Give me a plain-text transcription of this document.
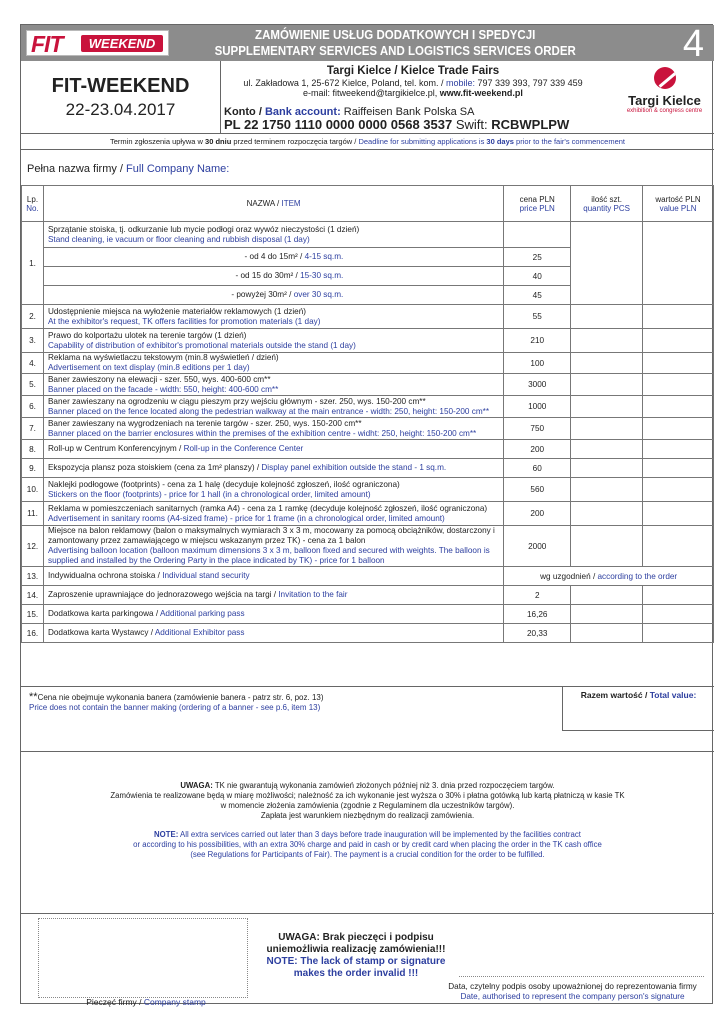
FIT	WEEKEND
ZAMÓWIENIE USŁUG DODATKOWYCH I SPEDYCJI
SUPPLEMENTARY SERVICES AND LOGISTICS SERVICES ORDER	4
FIT-WEEKEND
22-23.04.2017
Targi Kielce / Kielce Trade Fairs
ul. Zakładowa 1, 25-672 Kielce, Poland, tel. kom. / mobile: 797 339 393, 797 339 459
e-mail: fitweekend@targikielce.pl, www.fit-weekend.pl
Konto / Bank account: Raiffeisen Bank Polska SA
PL 22 1750 1110 0000 0000 0568 3537 Swift: RCBWPLPW
Targi Kielce
exhibition & congress centre
Termin zgłoszenia upływa w 30 dniu przed terminem rozpoczęcia targów / Deadline for submitting applications is 30 days prior to the fair's commencement
Pełna nazwa firmy / Full Company Name:
Lp.
No.	NAZWA / ITEM	cena PLN
price PLN	ilość szt.
quantity PCS	wartość PLN
value PLN
1.	Sprzątanie stoiska, tj. odkurzanie lub mycie podłogi oraz wywóz nieczystości (1 dzień)
Stand cleaning, ie vacuum or floor cleaning and rubbish disposal (1 day)			

	- od 4 do 15m² / 4-15 sq.m.	25		
	- od 15 do 30m² / 15-30 sq.m.	40		
	- powyżej 30m² / over 30 sq.m.	45		
2.	Udostępnienie miejsca na wyłożenie materiałów reklamowych (1 dzień)
At the exhibitor's request, TK offers facilities for promotion materials (1 day)	55		
3.	Prawo do kolportażu ulotek na terenie targów (1 dzień)
Capability of distribution of exhibitor's promotional materials outside the stand (1 day)	210		
4.	Reklama na wyświetlaczu tekstowym (min.8 wyświetleń / dzień)
Advertisement on text display (min.8 editions per 1 day)	100		
5.	Baner zawieszony na elewacji - szer. 550, wys. 400-600 cm**
Banner placed on the facade - width: 550, height: 400-600 cm**	3000		
6.	Baner zawieszany na ogrodzeniu w ciągu pieszym przy wejściu głównym - szer. 250, wys. 150-200 cm**
Banner placed on the fence located along the pedestrian walkway at the main entrance - width: 250, height: 150-200 cm**	1000		
7.	Baner zawieszany na wygrodzeniach na terenie targów - szer. 250, wys. 150-200 cm**
Banner placed on the barrier enclosures within the premises of the exhibition centre - widht: 250, height: 150-200 cm**	750		
8.	Roll-up w Centrum Konferencyjnym / Roll-up in the Conference Center	200		
9.	Ekspozycja plansz poza stoiskiem (cena za 1m² planszy) / Display panel exhibition outside the stand - 1 sq.m.	60		
10.	Naklejki podłogowe (footprints) - cena za 1 halę (decyduje kolejność zgłoszeń, ilość ograniczona)
Stickers on the floor (footprints) - price for 1 hall (in a chronological order, limited amount)	560		
11.	Reklama w pomieszczeniach sanitarnych (ramka A4) - cena za 1 ramkę (decyduje kolejność zgłoszeń, ilość ograniczona)
Advertisement in sanitary rooms (A4-sized frame) - price for 1 frame (in a chronological order, limited amount)	200		
12.	Miejsce na balon reklamowy (balon o maksymalnych wymiarach 3 x 3 m, mocowany za pomocą obciążników, dostarczony i zamontowany przez zamawiającego w miejscu wskazanym przez TK) - cena za 1 balon
Advertising balloon location (balloon maximum dimensions 3 x 3 m, balloon fixed and secured with weights. The balloon is supplied and installed by the Ordering Party in the place indicated by TK) - price for 1 balloon	2000		
13.	Indywidualna ochrona stoiska / Individual stand security	wg uzgodnień / according to the order		
14.	Zaproszenie uprawniające do jednorazowego wejścia na targi / Invitation to the fair	2		
15.	Dodatkowa karta parkingowa / Additional parking pass	16,26		
16.	Dodatkowa karta Wystawcy / Additional Exhibitor pass	20,33		
**Cena nie obejmuje wykonania banera (zamówienie banera - patrz str. 6, poz. 13)
Price does not contain the banner making (ordering of a banner - see p.6, item 13)
Razem wartość / Total value:

UWAGA: TK nie gwarantują wykonania zamówień złożonych później niż 3. dnia przed rozpoczęciem targów.
Zamówienia te realizowane będą w miarę możliwości; należność za ich wykonanie jest wyższa o 30% i płatna gotówką lub kartą płatniczą w kasie TK
w momencie złożenia zamówienia (zgodnie z Regulaminem dla uczestników targów).
Zapłata jest warunkiem niezbędnym do realizacji zamówienia.

NOTE: All extra services carried out later than 3 days before trade inauguration will be implemented by the facilities contract
or according to his possibilities, with an extra 30% charge and paid in cash or by credit card when placing the order in the TK cash office
(see Regulations for Participants of Fair). The payment is a crucial condition for the order to be fulfilled.

Pieczęć firmy / Company stamp
UWAGA: Brak pieczęci i podpisu
uniemożliwia realizację zamówienia!!!
NOTE: The lack of stamp or signature
makes the order invalid !!!
Data, czytelny podpis osoby upoważnionej do reprezentowania firmy
Date, authorised to represent the company person's signature
